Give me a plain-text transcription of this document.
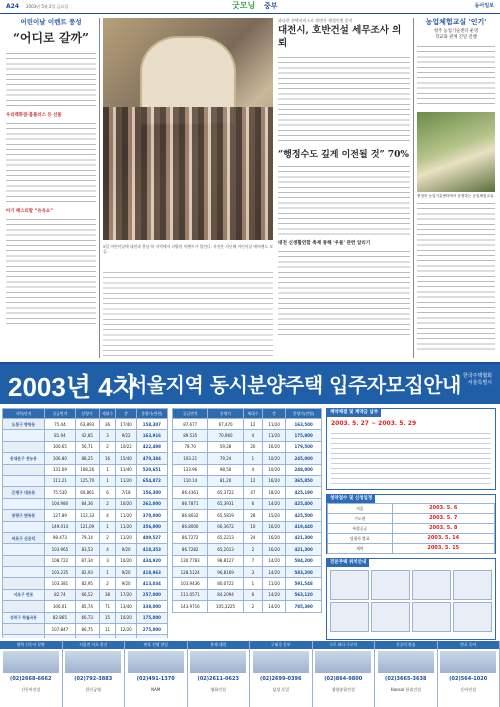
A24 2003년 5월 2일 금요일	굿모닝 중부	동아일보
어린이날 이벤트 풍성
“어디로 갈까”
우리백화점·홈플러스 등 선물
아기 페스티발 “유유쇼”
5일 어린이날에 대전과 충남·북 지역에서 다양한 이벤트가 열린다. 사진은 지난해 어린이날 에버랜드 모습.
과다한 선택서비스로 불면가 행정인원 분이
대전시, 호반건설 세무조사 의뢰
“행정수도 깊게 이전될 것” 70%
대전 신생활연합 축제 통해 '우물' 관련 알리기
농업체험교실 '인기'
청주 농업기술센터 운영
학교와 관계 긴밀 진행
충청북 농업기술센터에서 운영하는 농업체험교실.
2003년 4차
서울지역 동시분양주택 입주자모집안내 한국주택협회
서울특별시
지역/단지	공급면적	분양가	세대수	층	분양가(만원)
도봉구 방학동	75.44	63,893	36	17/40	158,307
	81.94	42,85	3	9/22	163,916
	100.65	56,71	2	10/22	422,498
동대문구 전농동	106.80	88,25	16	15/40	470,384
	131.09	108,26	1	11/40	520,651
	111.21	125,70	1	11/20	654,872
은평구 대조동	75.530	60,861	6	7/18	156,300
	104.980	84,36	2	10/20	262,000
중랑구 면목동	127.89	112,33	4	11/20	370,000
	149.014	121,09	1	11/20	356,000
마포구 신공덕	98.473	79,14	2	11/20	409,527
	103.965	83,53	4	9/20	418,353
	108.722	87,34	3	10/20	434,920
	103.235	82,93	1	9/20	418,963
	103.381	82,95	2	9/20	413,034
서초구 반포	82.74	66,52	38	17/20	257,000
	106.01	85,74	71	13/40	338,000
성북구 하월곡동	82.865	66,73	15	10/20	175,000
	107.847	86,75	11	12/20	275,000

공급면적	분양가	세대수	층	분양가(만원)
87.677	67,470	12	11/20	163,500
89.535	70,960	4	11/20	175,800
78.70	59,28	20	16/20	179,500
103.21	79,24	1	10/20	245,000
133.96	98,50	4	10/20	248,000
110.14	81,20	12	16/20	365,850
86.4361	65,3722	47	18/20	425,190
86.7871	65,3931	6	14/20	425,400
86.8032	65,5819	28	15/20	425,500
86.8000	66,3672	10	16/20	419,440
86.7272	65,2213	24	16/20	421,300
86.7282	65,2013	2	16/20	421,300
130.7783	98,8127	7	14/20	584,200
128.5124	96,8169	3	14/20	583,200
103.9436	80,0722	1	11/20	591,548
111.0571	84,2094	6	14/20	563,120
143.9716	105,3225	2	14/20	785,390
계약체결 및 계약금 납부
2003. 5. 27 ~ 2003. 5. 29
청약접수 및 신청일정
서울	2003. 5. 6
수도권	2003. 5. 7
특별공급	2003. 5. 8
당첨자 발표	2003. 5. 14
계약	2003. 5. 15
견본주택 위치안내
방학 신동아 분양
(02)2668-6662
신동아건설
서울전 서초 한신
(02)792-3883
한신공영
면목 건영 한일
(02)491-1370
NAM
홍제 대림
(02)2611-0623
영화건설
구월곡 동부
(02)2699-0396
삼성 동일
구로 하나 구로이
(02)864-9800
청양종합건설
신공덕 한솔
(02)3665-3638
Hansol 한솔건설
반포 동아
(02)564-1020
동아건설
